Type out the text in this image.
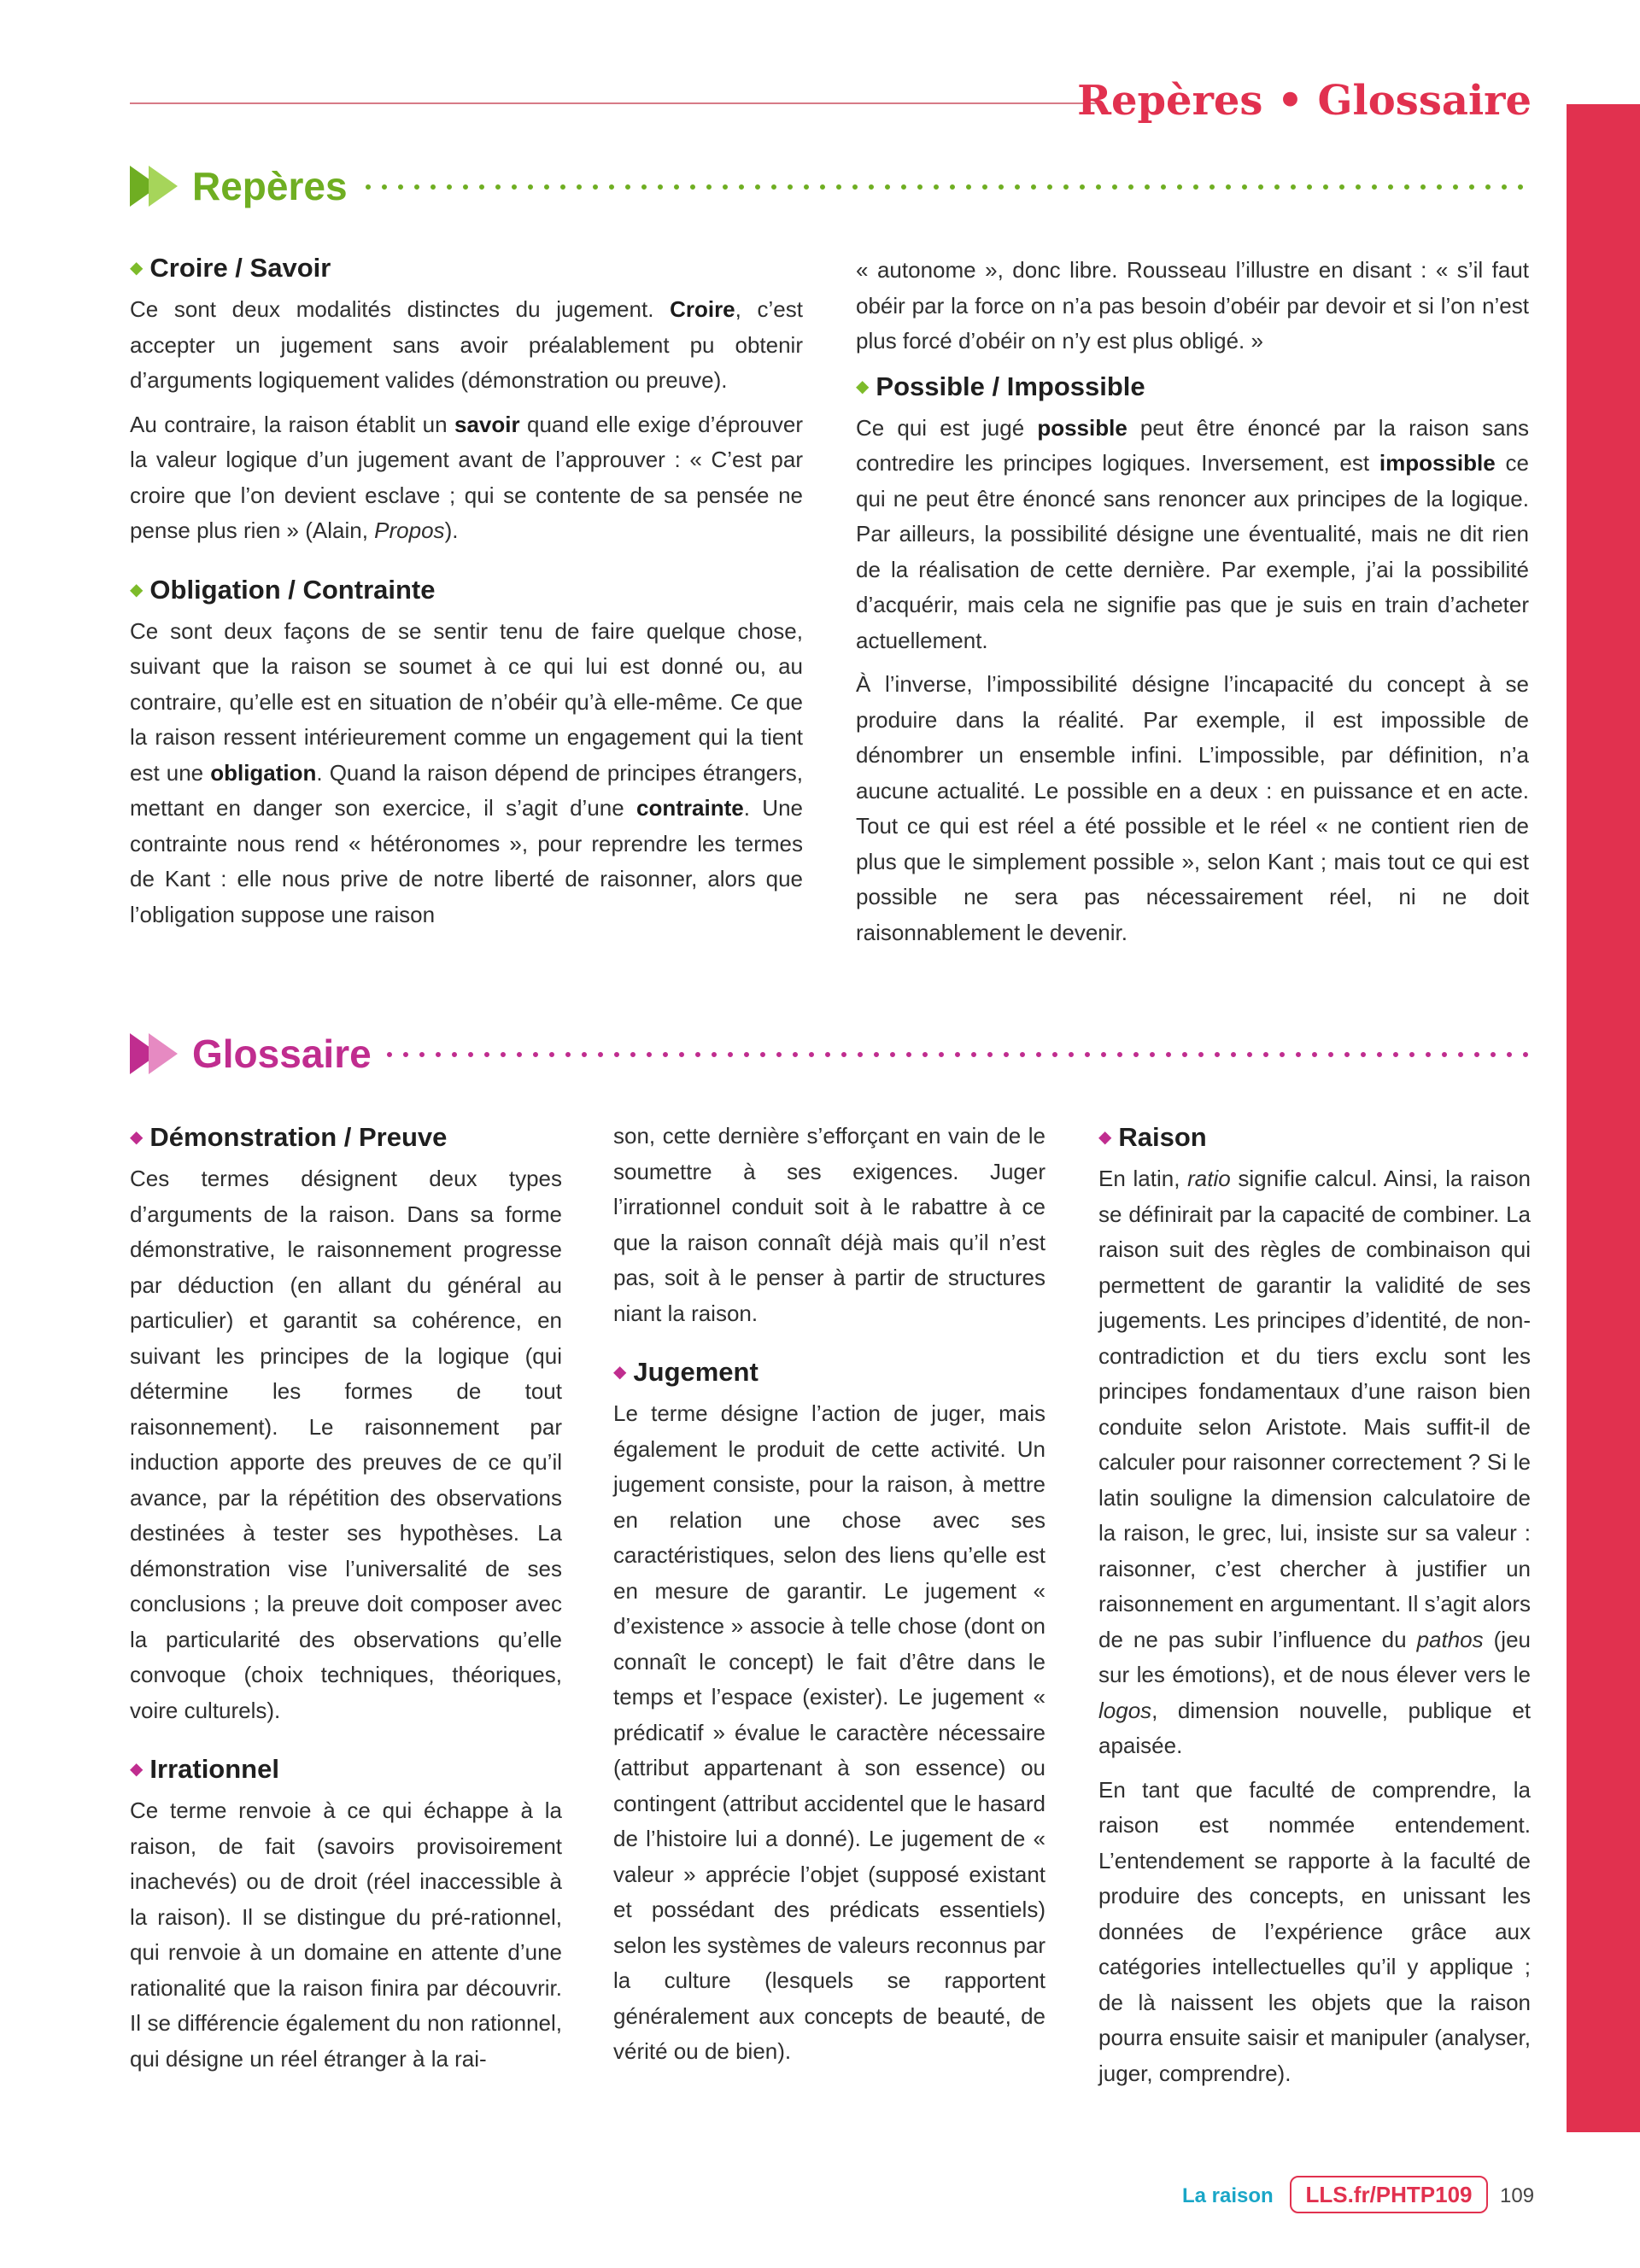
Repères • Glossaire
Repères
◆ Croire / Savoir

Ce sont deux modalités distinctes du jugement. Croire, c’est accepter un jugement sans avoir préalablement pu obtenir d’arguments logiquement valides (démonstration ou preuve).

Au contraire, la raison établit un savoir quand elle exige d’éprouver la valeur logique d’un jugement avant de l’approuver : « C’est par croire que l’on devient esclave ; qui se contente de sa pensée ne pense plus rien » (Alain, Propos).

◆ Obligation / Contrainte

Ce sont deux façons de se sentir tenu de faire quelque chose, suivant que la raison se soumet à ce qui lui est donné ou, au contraire, qu’elle est en situation de n’obéir qu’à elle-même. Ce que la raison ressent intérieurement comme un engagement qui la tient est une obligation. Quand la raison dépend de principes étrangers, mettant en danger son exercice, il s’agit d’une contrainte. Une contrainte nous rend « hétéronomes », pour reprendre les termes de Kant : elle nous prive de notre liberté de raisonner, alors que l’obligation suppose une raison

« autonome », donc libre. Rousseau l’illustre en disant : « s’il faut obéir par la force on n’a pas besoin d’obéir par devoir et si l’on n’est plus forcé d’obéir on n’y est plus obligé. »

◆ Possible / Impossible

Ce qui est jugé possible peut être énoncé par la raison sans contredire les principes logiques. Inversement, est impossible ce qui ne peut être énoncé sans renoncer aux principes de la logique. Par ailleurs, la possibilité désigne une éventualité, mais ne dit rien de la réalisation de cette dernière. Par exemple, j’ai la possibilité d’acquérir, mais cela ne signifie pas que je suis en train d’acheter actuellement.

À l’inverse, l’impossibilité désigne l’incapacité du concept à se produire dans la réalité. Par exemple, il est impossible de dénombrer un ensemble infini. L’impossible, par définition, n’a aucune actualité. Le possible en a deux : en puissance et en acte. Tout ce qui est réel a été possible et le réel « ne contient rien de plus que le simplement possible », selon Kant ; mais tout ce qui est possible ne sera pas nécessairement réel, ni ne doit raisonnablement le devenir.

Glossaire
◆ Démonstration / Preuve

Ces termes désignent deux types d’arguments de la raison. Dans sa forme démonstrative, le raisonnement progresse par déduction (en allant du général au particulier) et garantit sa cohérence, en suivant les principes de la logique (qui détermine les formes de tout raisonnement). Le raisonnement par induction apporte des preuves de ce qu’il avance, par la répétition des observations destinées à tester ses hypothèses. La démonstration vise l’universalité de ses conclusions ; la preuve doit composer avec la particularité des observations qu’elle convoque (choix techniques, théoriques, voire culturels).

◆ Irrationnel

Ce terme renvoie à ce qui échappe à la raison, de fait (savoirs provisoirement inachevés) ou de droit (réel inaccessible à la raison). Il se distingue du pré-rationnel, qui renvoie à un domaine en attente d’une rationalité que la raison finira par découvrir. Il se différencie également du non rationnel, qui désigne un réel étranger à la rai-

son, cette dernière s’efforçant en vain de le soumettre à ses exigences. Juger l’irrationnel conduit soit à le rabattre à ce que la raison connaît déjà mais qu’il n’est pas, soit à le penser à partir de structures niant la raison.

◆ Jugement

Le terme désigne l’action de juger, mais également le produit de cette activité. Un jugement consiste, pour la raison, à mettre en relation une chose avec ses caractéristiques, selon des liens qu’elle est en mesure de garantir. Le jugement « d’existence » associe à telle chose (dont on connaît le concept) le fait d’être dans le temps et l’espace (exister). Le jugement « prédicatif » évalue le caractère nécessaire (attribut appartenant à son essence) ou contingent (attribut accidentel que le hasard de l’histoire lui a donné). Le jugement de « valeur » apprécie l’objet (supposé existant et possédant des prédicats essentiels) selon les systèmes de valeurs reconnus par la culture (lesquels se rapportent généralement aux concepts de beauté, de vérité ou de bien).

◆ Raison

En latin, ratio signifie calcul. Ainsi, la raison se définirait par la capacité de combiner. La raison suit des règles de combinaison qui permettent de garantir la validité de ses jugements. Les principes d’identité, de non-contradiction et du tiers exclu sont les principes fondamentaux d’une raison bien conduite selon Aristote. Mais suffit-il de calculer pour raisonner correctement ? Si le latin souligne la dimension calculatoire de la raison, le grec, lui, insiste sur sa valeur : raisonner, c’est chercher à justifier un raisonnement en argumentant. Il s’agit alors de ne pas subir l’influence du pathos (jeu sur les émotions), et de nous élever vers le logos, dimension nouvelle, publique et apaisée.

En tant que faculté de comprendre, la raison est nommée entendement. L’entendement se rapporte à la faculté de produire des concepts, en unissant les données de l’expérience grâce aux catégories intellectuelles qu’il y applique ; de là naissent les objets que la raison pourra ensuite saisir et manipuler (analyser, juger, comprendre).

La raison	LLS.fr/PHTP109	109
